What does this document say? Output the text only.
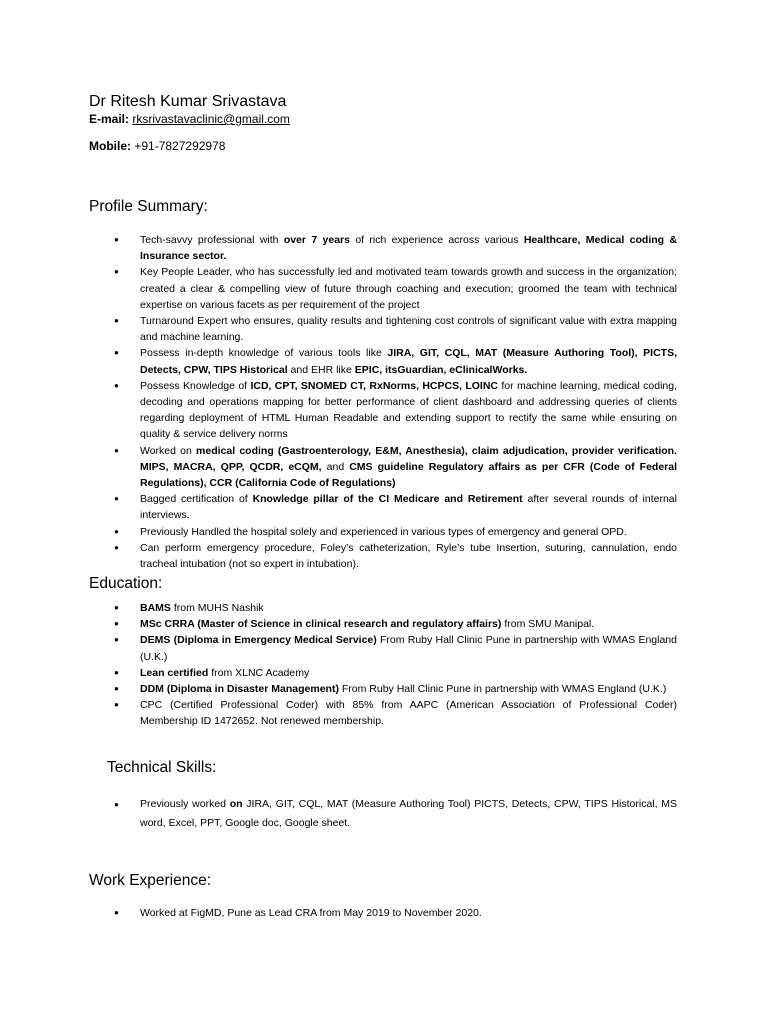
Dr Ritesh Kumar Srivastava
E-mail: rksrivastavaclinic@gmail.com
Mobile: +91-7827292978
Profile Summary:
● Tech-savvy professional with over 7 years of rich experience across various Healthcare, Medical coding & Insurance sector.
● Key People Leader, who has successfully led and motivated team towards growth and success in the organization; created a clear & compelling view of future through coaching and execution; groomed the team with technical expertise on various facets as per requirement of the project
● Turnaround Expert who ensures, quality results and tightening cost controls of significant value with extra mapping and machine learning.
● Possess in-depth knowledge of various tools like JIRA, GIT, CQL, MAT (Measure Authoring Tool), PICTS, Detects, CPW, TIPS Historical and EHR like EPIC, itsGuardian, eClinicalWorks.
● Possess Knowledge of ICD, CPT, SNOMED CT, RxNorms, HCPCS, LOINC for machine learning, medical coding, decoding and operations mapping for better performance of client dashboard and addressing queries of clients regarding deployment of HTML Human Readable and extending support to rectify the same while ensuring on quality & service delivery norms
● Worked on medical coding (Gastroenterology, E&M, Anesthesia), claim adjudication, provider verification. MIPS, MACRA, QPP, QCDR, eCQM, and CMS guideline Regulatory affairs as per CFR (Code of Federal Regulations), CCR (California Code of Regulations)
● Bagged certification of Knowledge pillar of the CI Medicare and Retirement after several rounds of internal interviews.
● Previously Handled the hospital solely and experienced in various types of emergency and general OPD.
● Can perform emergency procedure, Foley’s catheterization, Ryle’s tube Insertion, suturing, cannulation, endo tracheal intubation (not so expert in intubation).
Education:
● BAMS from MUHS Nashik
● MSc CRRA (Master of Science in clinical research and regulatory affairs) from SMU Manipal.
● DEMS (Diploma in Emergency Medical Service) From Ruby Hall Clinic Pune in partnership with WMAS England (U.K.)
● Lean certified from XLNC Academy
● DDM (Diploma in Disaster Management) From Ruby Hall Clinic Pune in partnership with WMAS England (U.K.)
● CPC (Certified Professional Coder) with 85% from AAPC (American Association of Professional Coder) Membership ID 1472652. Not renewed membership.
Technical Skills:
● Previously worked on JIRA, GIT, CQL, MAT (Measure Authoring Tool) PICTS, Detects, CPW, TIPS Historical, MS word, Excel, PPT, Google doc, Google sheet.
Work Experience:
● Worked at FigMD, Pune as Lead CRA from May 2019 to November 2020.
